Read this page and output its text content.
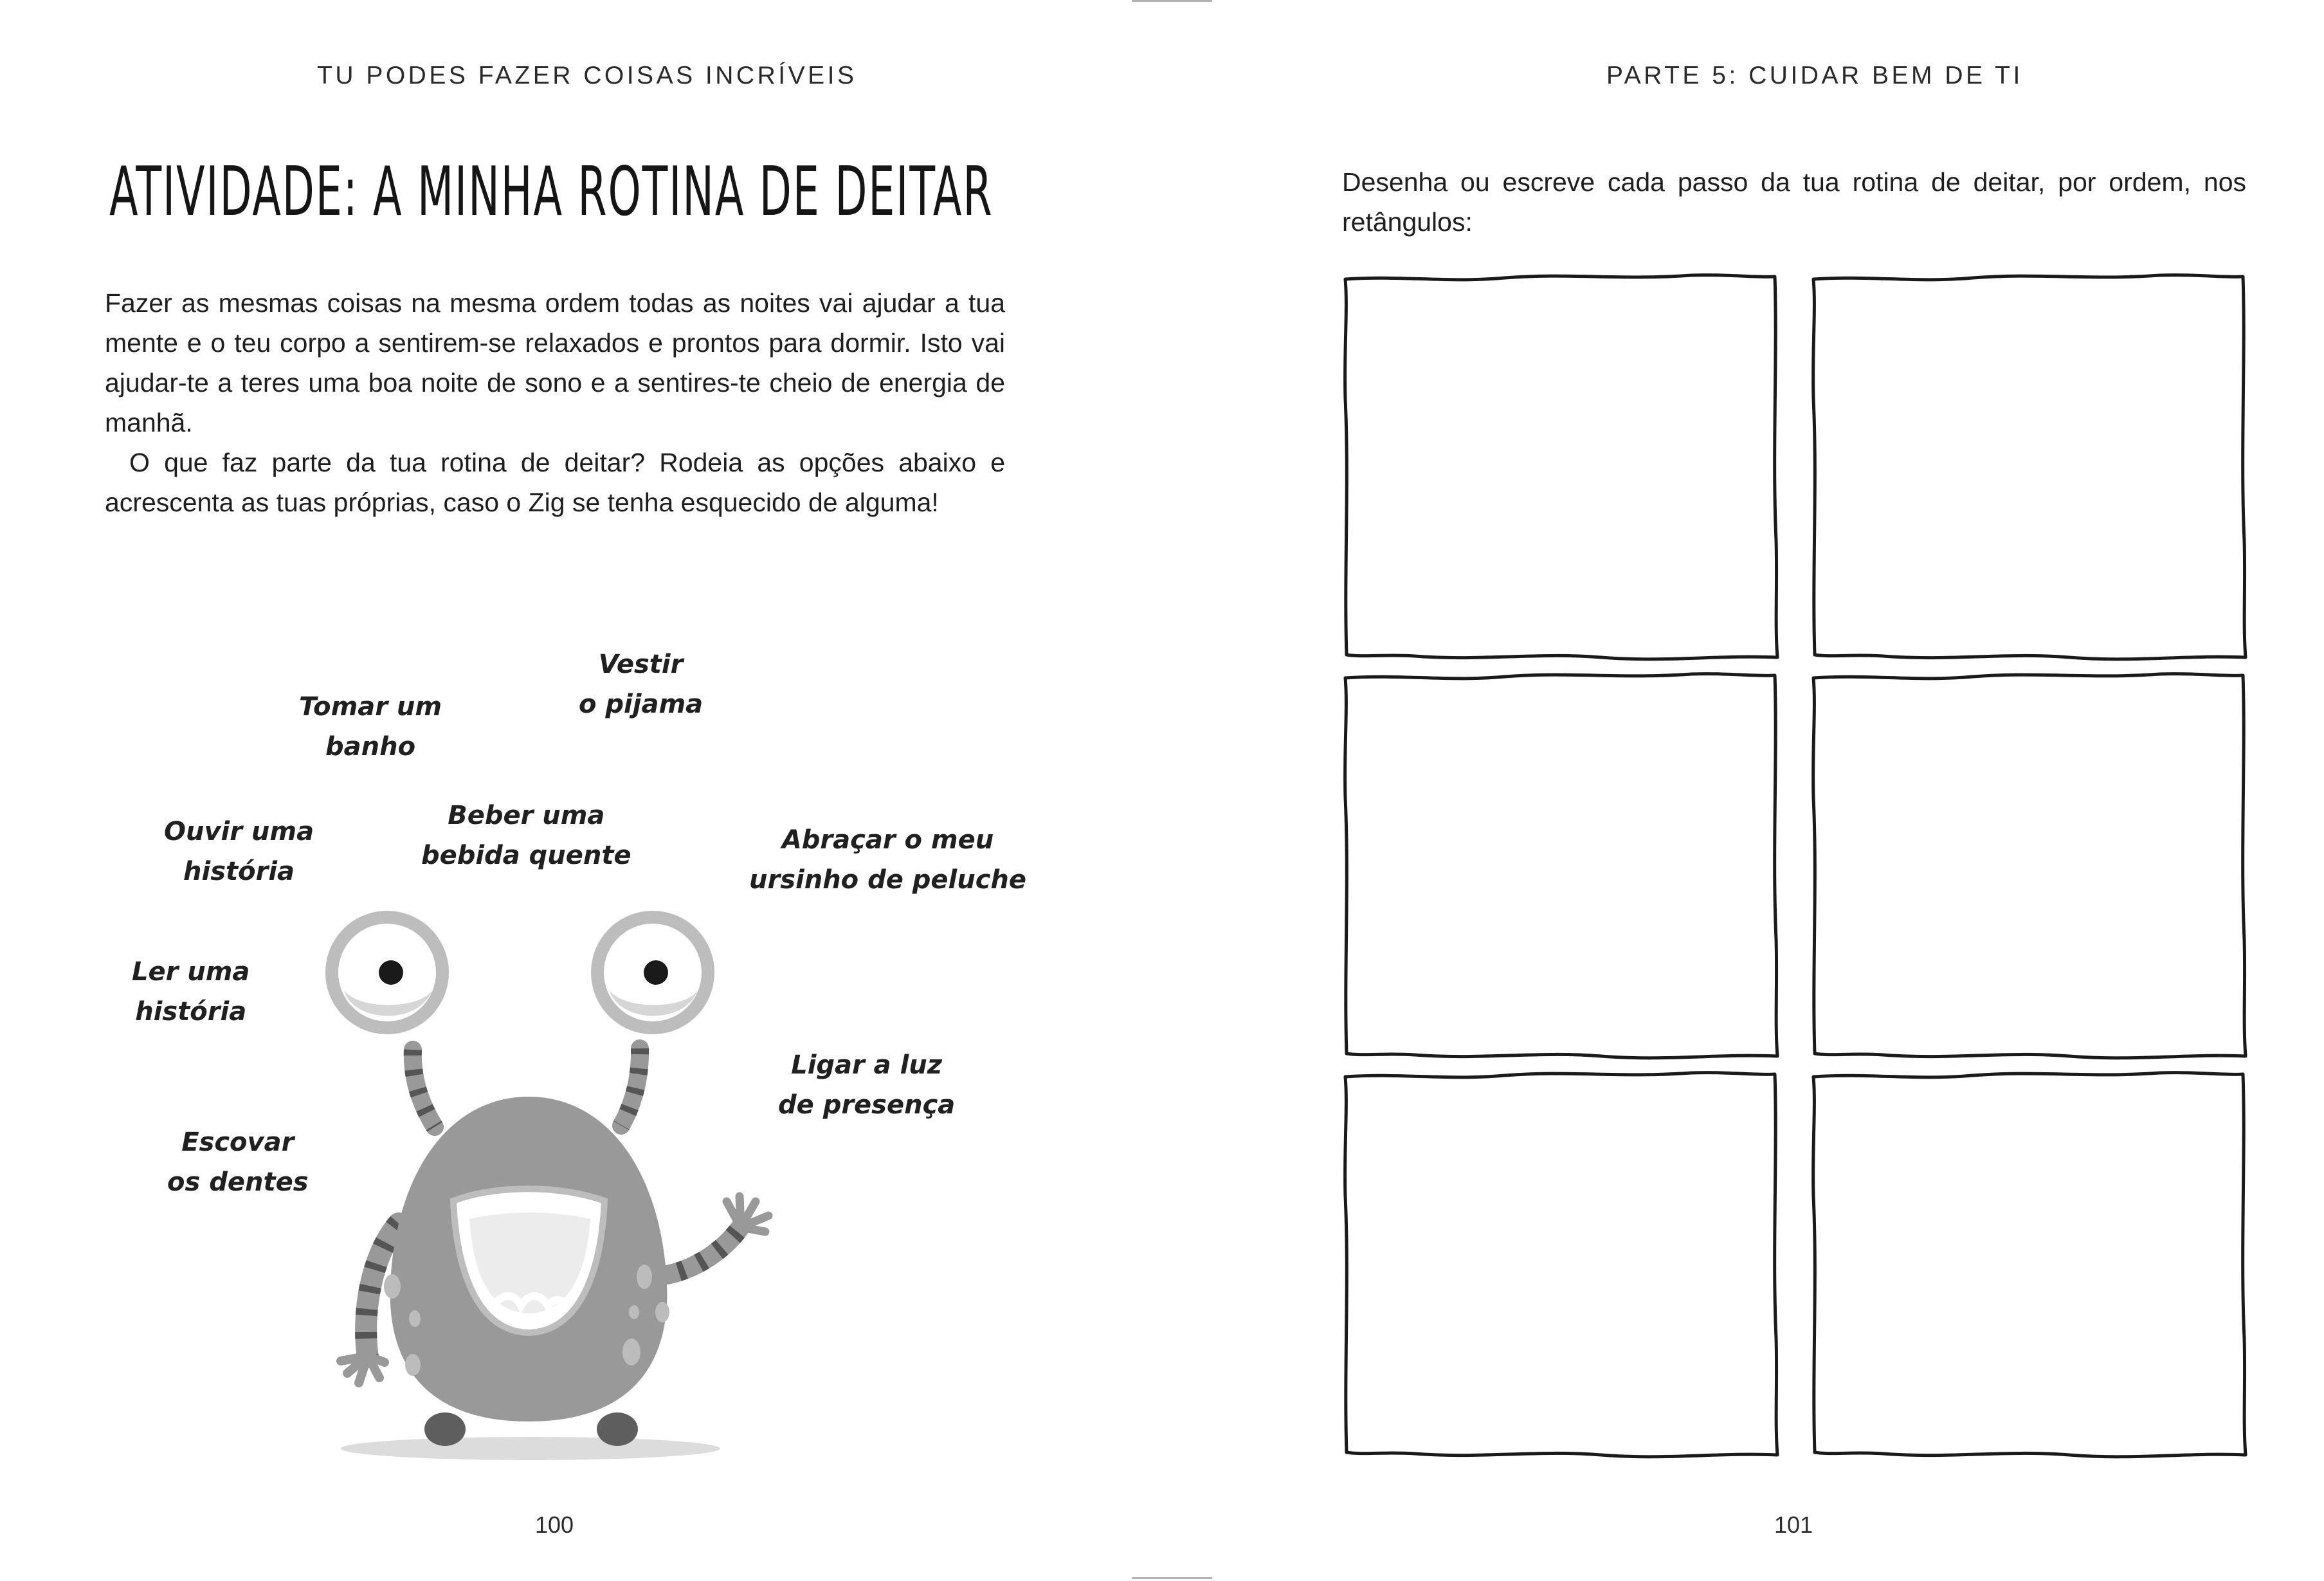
TU PODES FAZER COISAS INCRÍVEIS
ATIVIDADE: A MINHA ROTINA DE DEITAR

Fazer as mesmas coisas na mesma ordem todas as noites vai ajudar a tua mente e o teu corpo a sentirem-se relaxados e prontos para dormir. Isto vai ajudar-te a teres uma boa noite de sono e a sentires-te cheio de energia de manhã.

O que faz parte da tua rotina de deitar? Rodeia as opções abaixo e acrescenta as tuas próprias, caso o Zig se tenha esquecido de alguma!

Vestir
o pijama
Tomar um
banho
Ouvir uma
história
Beber uma
bebida quente
Abraçar o meu
ursinho de peluche
Ler uma
história
Ligar a luz
de presença
Escovar
os dentes
100
PARTE 5: CUIDAR BEM DE TI
Desenha ou escreve cada passo da tua rotina de deitar, por ordem, nos retângulos:
101
